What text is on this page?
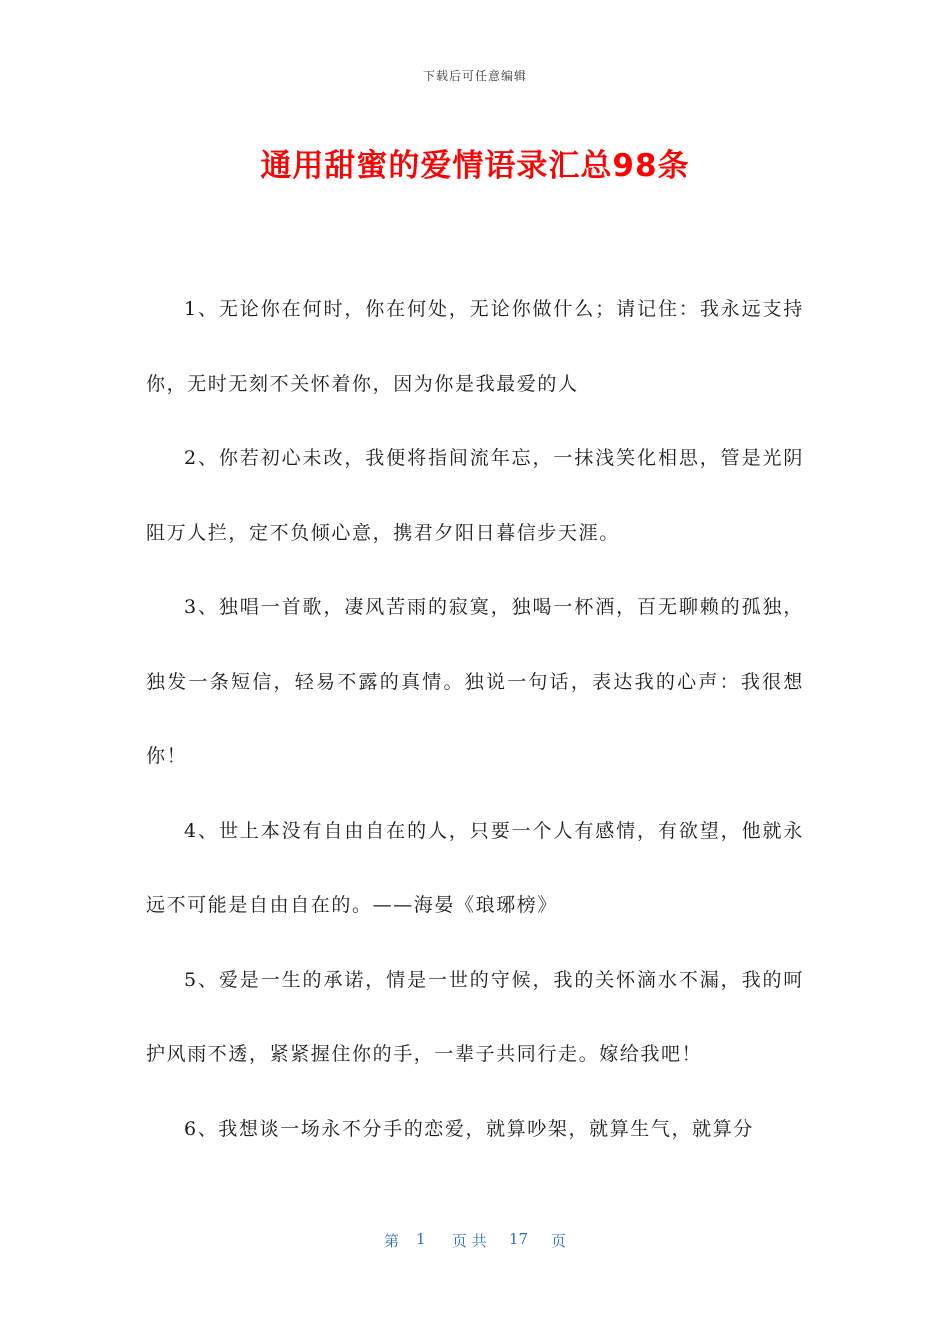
下载后可任意编辑
通用甜蜜的爱情语录汇总98条

1、无论你在何时，你在何处，无论你做什么；请记住：我永远支持你，无时无刻不关怀着你，因为你是我最爱的人

2、你若初心未改，我便将指间流年忘，一抹浅笑化相思，管是光阴阻万人拦，定不负倾心意，携君夕阳日暮信步天涯。

3、独唱一首歌，凄风苦雨的寂寞，独喝一杯酒，百无聊赖的孤独，独发一条短信，轻易不露的真情。独说一句话，表达我的心声：我很想你！

4、世上本没有自由自在的人，只要一个人有感情，有欲望，他就永远不可能是自由自在的。——海晏《琅琊榜》

5、爱是一生的承诺，情是一世的守候，我的关怀滴水不漏，我的呵护风雨不透，紧紧握住你的手，一辈子共同行走。嫁给我吧！

6、我想谈一场永不分手的恋爱，就算吵架，就算生气，就算分

第 1 页 共 17 页
